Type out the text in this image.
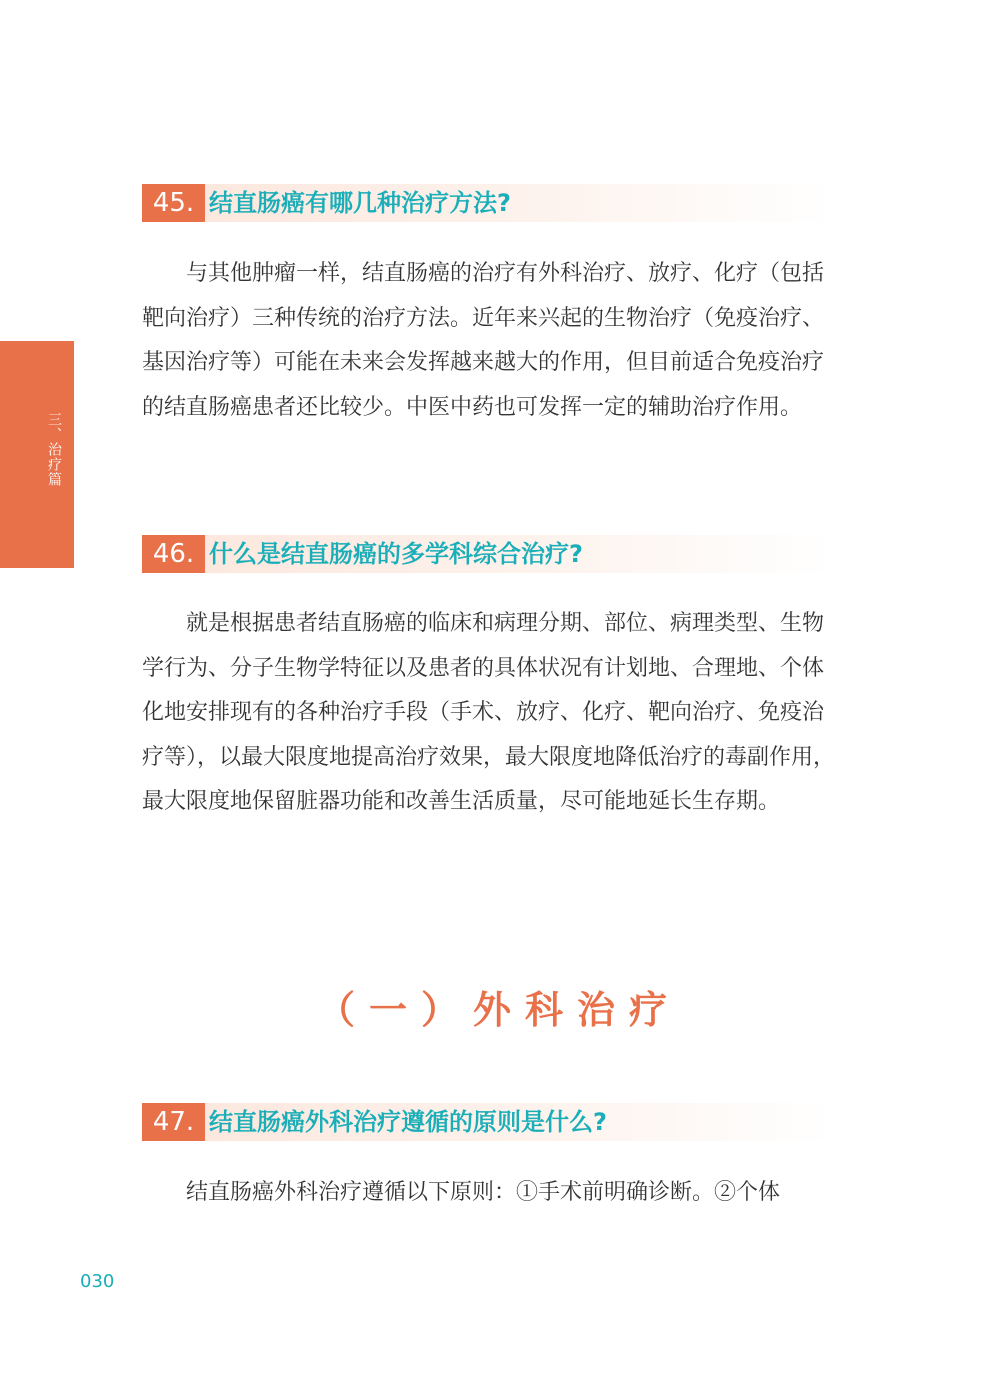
三、治疗篇
45. 结直肠癌有哪几种治疗方法?

与其他肿瘤一样，结直肠癌的治疗有外科治疗、放疗、化疗（包括靶向治疗）三种传统的治疗方法。近年来兴起的生物治疗（免疫治疗、基因治疗等）可能在未来会发挥越来越大的作用，但目前适合免疫治疗的结直肠癌患者还比较少。中医中药也可发挥一定的辅助治疗作用。

46. 什么是结直肠癌的多学科综合治疗?

就是根据患者结直肠癌的临床和病理分期、部位、病理类型、生物学行为、分子生物学特征以及患者的具体状况有计划地、合理地、个体化地安排现有的各种治疗手段（手术、放疗、化疗、靶向治疗、免疫治疗等），以最大限度地提高治疗效果，最大限度地降低治疗的毒副作用，最大限度地保留脏器功能和改善生活质量，尽可能地延长生存期。

（一）外科治疗
47. 结直肠癌外科治疗遵循的原则是什么?

结直肠癌外科治疗遵循以下原则：①手术前明确诊断。②个体

030
